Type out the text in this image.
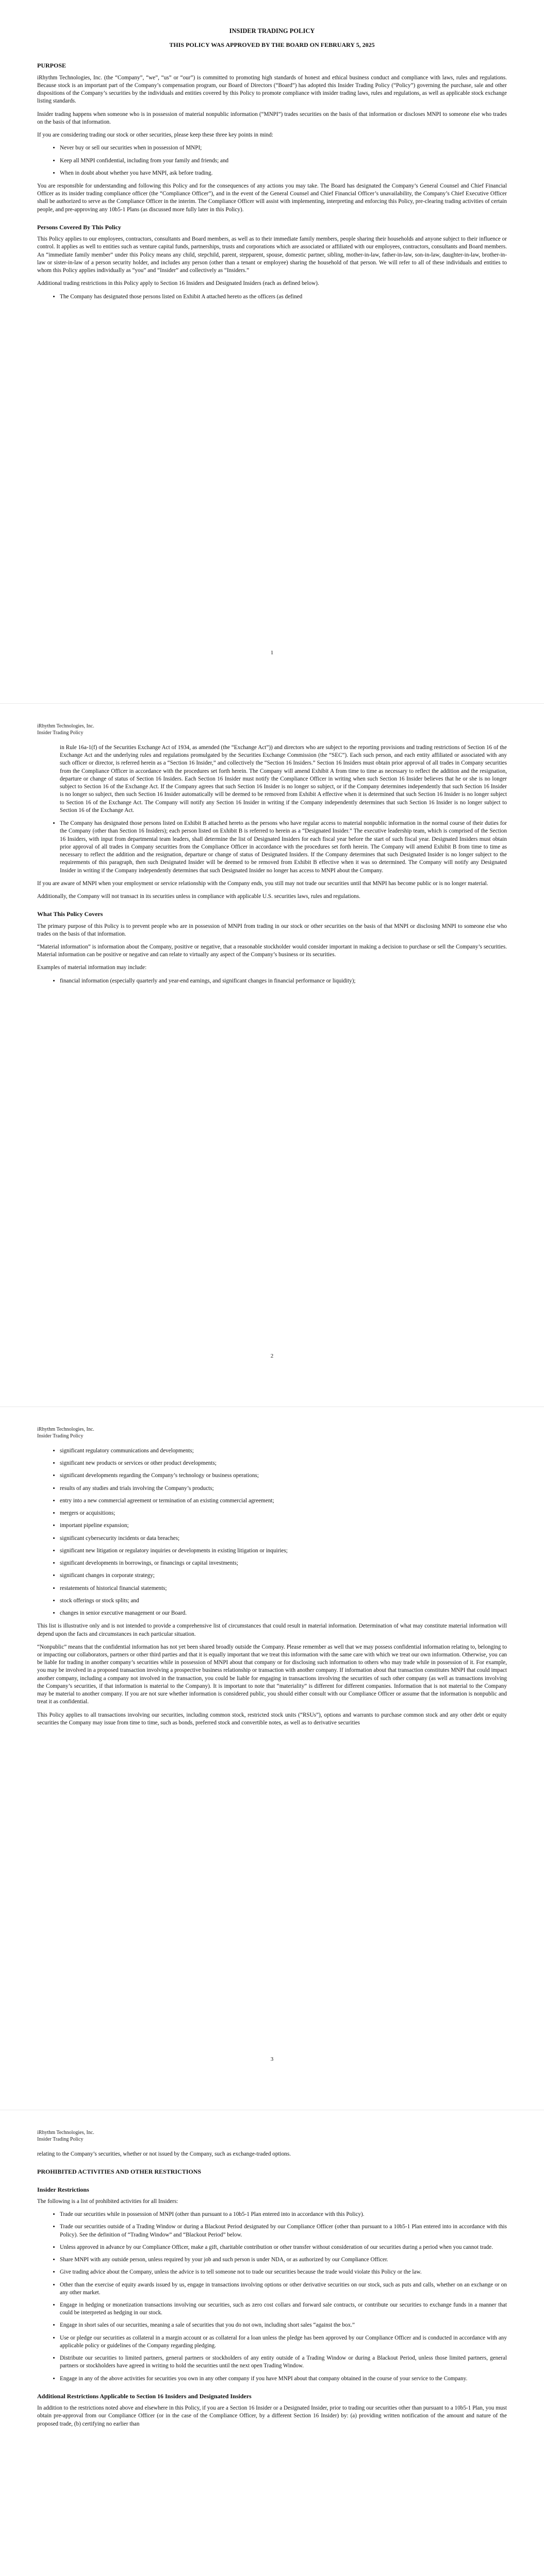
INSIDER TRADING POLICY
THIS POLICY WAS APPROVED BY THE BOARD ON FEBRUARY 5, 2025
PURPOSE

iRhythm Technologies, Inc. (the “Company”, “we”, “us” or “our”) is committed to promoting high standards of honest and ethical business conduct and compliance with laws, rules and regulations. Because stock is an important part of the Company’s compensation program, our Board of Directors (“Board”) has adopted this Insider Trading Policy (“Policy”) governing the purchase, sale and other dispositions of the Company’s securities by the individuals and entities covered by this Policy to promote compliance with insider trading laws, rules and regulations, as well as applicable stock exchange listing standards.

Insider trading happens when someone who is in possession of material nonpublic information (“MNPI”) trades securities on the basis of that information or discloses MNPI to someone else who trades on the basis of that information.

If you are considering trading our stock or other securities, please keep these three key points in mind:

• Never buy or sell our securities when in possession of MNPI;
• Keep all MNPI confidential, including from your family and friends; and
• When in doubt about whether you have MNPI, ask before trading.

You are responsible for understanding and following this Policy and for the consequences of any actions you may take. The Board has designated the Company’s General Counsel and Chief Financial Officer as its insider trading compliance officer (the “Compliance Officer”), and in the event of the General Counsel and Chief Financial Officer’s unavailability, the Company’s Chief Executive Officer shall be authorized to serve as the Compliance Officer in the interim. The Compliance Officer will assist with implementing, interpreting and enforcing this Policy, pre-clearing trading activities of certain people, and pre-approving any 10b5-1 Plans (as discussed more fully later in this Policy).

Persons Covered By This Policy

This Policy applies to our employees, contractors, consultants and Board members, as well as to their immediate family members, people sharing their households and anyone subject to their influence or control. It applies as well to entities such as venture capital funds, partnerships, trusts and corporations which are associated or affiliated with our employees, contractors, consultants and Board members. An “immediate family member” under this Policy means any child, stepchild, parent, stepparent, spouse, domestic partner, sibling, mother-in-law, father-in-law, son-in-law, daughter-in-law, brother-in-law or sister-in-law of a person security holder, and includes any person (other than a tenant or employee) sharing the household of that person. We will refer to all of these individuals and entities to whom this Policy applies individually as “you” and “Insider” and collectively as “Insiders.”

Additional trading restrictions in this Policy apply to Section 16 Insiders and Designated Insiders (each as defined below).

• The Company has designated those persons listed on Exhibit A attached hereto as the officers (as defined
1
iRhythm Technologies, Inc.
Insider Trading Policy

in Rule 16a-1(f) of the Securities Exchange Act of 1934, as amended (the “Exchange Act”)) and directors who are subject to the reporting provisions and trading restrictions of Section 16 of the Exchange Act and the underlying rules and regulations promulgated by the Securities Exchange Commission (the “SEC”). Each such person, and each entity affiliated or associated with any such officer or director, is referred herein as a “Section 16 Insider,” and collectively the “Section 16 Insiders.” Section 16 Insiders must obtain prior approval of all trades in Company securities from the Compliance Officer in accordance with the procedures set forth herein. The Company will amend Exhibit A from time to time as necessary to reflect the addition and the resignation, departure or change of status of Section 16 Insiders. Each Section 16 Insider must notify the Compliance Officer in writing when such Section 16 Insider believes that he or she is no longer subject to Section 16 of the Exchange Act. If the Company agrees that such Section 16 Insider is no longer so subject, or if the Company determines independently that such Section 16 Insider is no longer so subject, then such Section 16 Insider automatically will be deemed to be removed from Exhibit A effective when it is determined that such Section 16 Insider is no longer subject to Section 16 of the Exchange Act. The Company will notify any Section 16 Insider in writing if the Company independently determines that such Section 16 Insider is no longer subject to Section 16 of the Exchange Act.

• The Company has designated those persons listed on Exhibit B attached hereto as the persons who have regular access to material nonpublic information in the normal course of their duties for the Company (other than Section 16 Insiders); each person listed on Exhibit B is referred to herein as a “Designated Insider.” The executive leadership team, which is comprised of the Section 16 Insiders, with input from departmental team leaders, shall determine the list of Designated Insiders for each fiscal year before the start of such fiscal year. Designated Insiders must obtain prior approval of all trades in Company securities from the Compliance Officer in accordance with the procedures set forth herein. The Company will amend Exhibit B from time to time as necessary to reflect the addition and the resignation, departure or change of status of Designated Insiders. If the Company determines that such Designated Insider is no longer subject to the requirements of this paragraph, then such Designated Insider will be deemed to be removed from Exhibit B effective when it was so determined. The Company will notify any Designated Insider in writing if the Company independently determines that such Designated Insider no longer has access to MNPI about the Company.

If you are aware of MNPI when your employment or service relationship with the Company ends, you still may not trade our securities until that MNPI has become public or is no longer material.

Additionally, the Company will not transact in its securities unless in compliance with applicable U.S. securities laws, rules and regulations.

What This Policy Covers

The primary purpose of this Policy is to prevent people who are in possession of MNPI from trading in our stock or other securities on the basis of that MNPI or disclosing MNPI to someone else who trades on the basis of that information.

“Material information” is information about the Company, positive or negative, that a reasonable stockholder would consider important in making a decision to purchase or sell the Company’s securities. Material information can be positive or negative and can relate to virtually any aspect of the Company’s business or its securities.

Examples of material information may include:

• financial information (especially quarterly and year-end earnings, and significant changes in financial performance or liquidity);
2
iRhythm Technologies, Inc.
Insider Trading Policy
• significant regulatory communications and developments;
• significant new products or services or other product developments;
• significant developments regarding the Company’s technology or business operations;
• results of any studies and trials involving the Company’s products;
• entry into a new commercial agreement or termination of an existing commercial agreement;
• mergers or acquisitions;
• important pipeline expansion;
• significant cybersecurity incidents or data breaches;
• significant new litigation or regulatory inquiries or developments in existing litigation or inquiries;
• significant developments in borrowings, or financings or capital investments;
• significant changes in corporate strategy;
• restatements of historical financial statements;
• stock offerings or stock splits; and
• changes in senior executive management or our Board.

This list is illustrative only and is not intended to provide a comprehensive list of circumstances that could result in material information. Determination of what may constitute material information will depend upon the facts and circumstances in each particular situation.

“Nonpublic” means that the confidential information has not yet been shared broadly outside the Company. Please remember as well that we may possess confidential information relating to, belonging to or impacting our collaborators, partners or other third parties and that it is equally important that we treat this information with the same care with which we treat our own information. Otherwise, you can be liable for trading in another company’s securities while in possession of MNPI about that company or for disclosing such information to others who may trade while in possession of it. For example, you may be involved in a proposed transaction involving a prospective business relationship or transaction with another company. If information about that transaction constitutes MNPI that could impact another company, including a company not involved in the transaction, you could be liable for engaging in transactions involving the securities of such other company (as well as transactions involving the Company’s securities, if that information is material to the Company). It is important to note that “materiality” is different for different companies. Information that is not material to the Company may be material to another company. If you are not sure whether information is considered public, you should either consult with our Compliance Officer or assume that the information is nonpublic and treat it as confidential.

This Policy applies to all transactions involving our securities, including common stock, restricted stock units (“RSUs”), options and warrants to purchase common stock and any other debt or equity securities the Company may issue from time to time, such as bonds, preferred stock and convertible notes, as well as to derivative securities

3
iRhythm Technologies, Inc.
Insider Trading Policy

relating to the Company’s securities, whether or not issued by the Company, such as exchange-traded options.

PROHIBITED ACTIVITIES AND OTHER RESTRICTIONS
Insider Restrictions

The following is a list of prohibited activities for all Insiders:

• Trade our securities while in possession of MNPI (other than pursuant to a 10b5-1 Plan entered into in accordance with this Policy).
• Trade our securities outside of a Trading Window or during a Blackout Period designated by our Compliance Officer (other than pursuant to a 10b5-1 Plan entered into in accordance with this Policy). See the definition of “Trading Window” and “Blackout Period” below.
• Unless approved in advance by our Compliance Officer, make a gift, charitable contribution or other transfer without consideration of our securities during a period when you cannot trade.
• Share MNPI with any outside person, unless required by your job and such person is under NDA, or as authorized by our Compliance Officer.
• Give trading advice about the Company, unless the advice is to tell someone not to trade our securities because the trade would violate this Policy or the law.
• Other than the exercise of equity awards issued by us, engage in transactions involving options or other derivative securities on our stock, such as puts and calls, whether on an exchange or on any other market.
• Engage in hedging or monetization transactions involving our securities, such as zero cost collars and forward sale contracts, or contribute our securities to exchange funds in a manner that could be interpreted as hedging in our stock.
• Engage in short sales of our securities, meaning a sale of securities that you do not own, including short sales “against the box.”
• Use or pledge our securities as collateral in a margin account or as collateral for a loan unless the pledge has been approved by our Compliance Officer and is conducted in accordance with any applicable policy or guidelines of the Company regarding pledging.
• Distribute our securities to limited partners, general partners or stockholders of any entity outside of a Trading Window or during a Blackout Period, unless those limited partners, general partners or stockholders have agreed in writing to hold the securities until the next open Trading Window.
• Engage in any of the above activities for securities you own in any other company if you have MNPI about that company obtained in the course of your service to the Company.
Additional Restrictions Applicable to Section 16 Insiders and Designated Insiders

In addition to the restrictions noted above and elsewhere in this Policy, if you are a Section 16 Insider or a Designated Insider, prior to trading our securities other than pursuant to a 10b5-1 Plan, you must obtain pre-approval from our Compliance Officer (or in the case of the Compliance Officer, by a different Section 16 Insider) by: (a) providing written notification of the amount and nature of the proposed trade, (b) certifying no earlier than
